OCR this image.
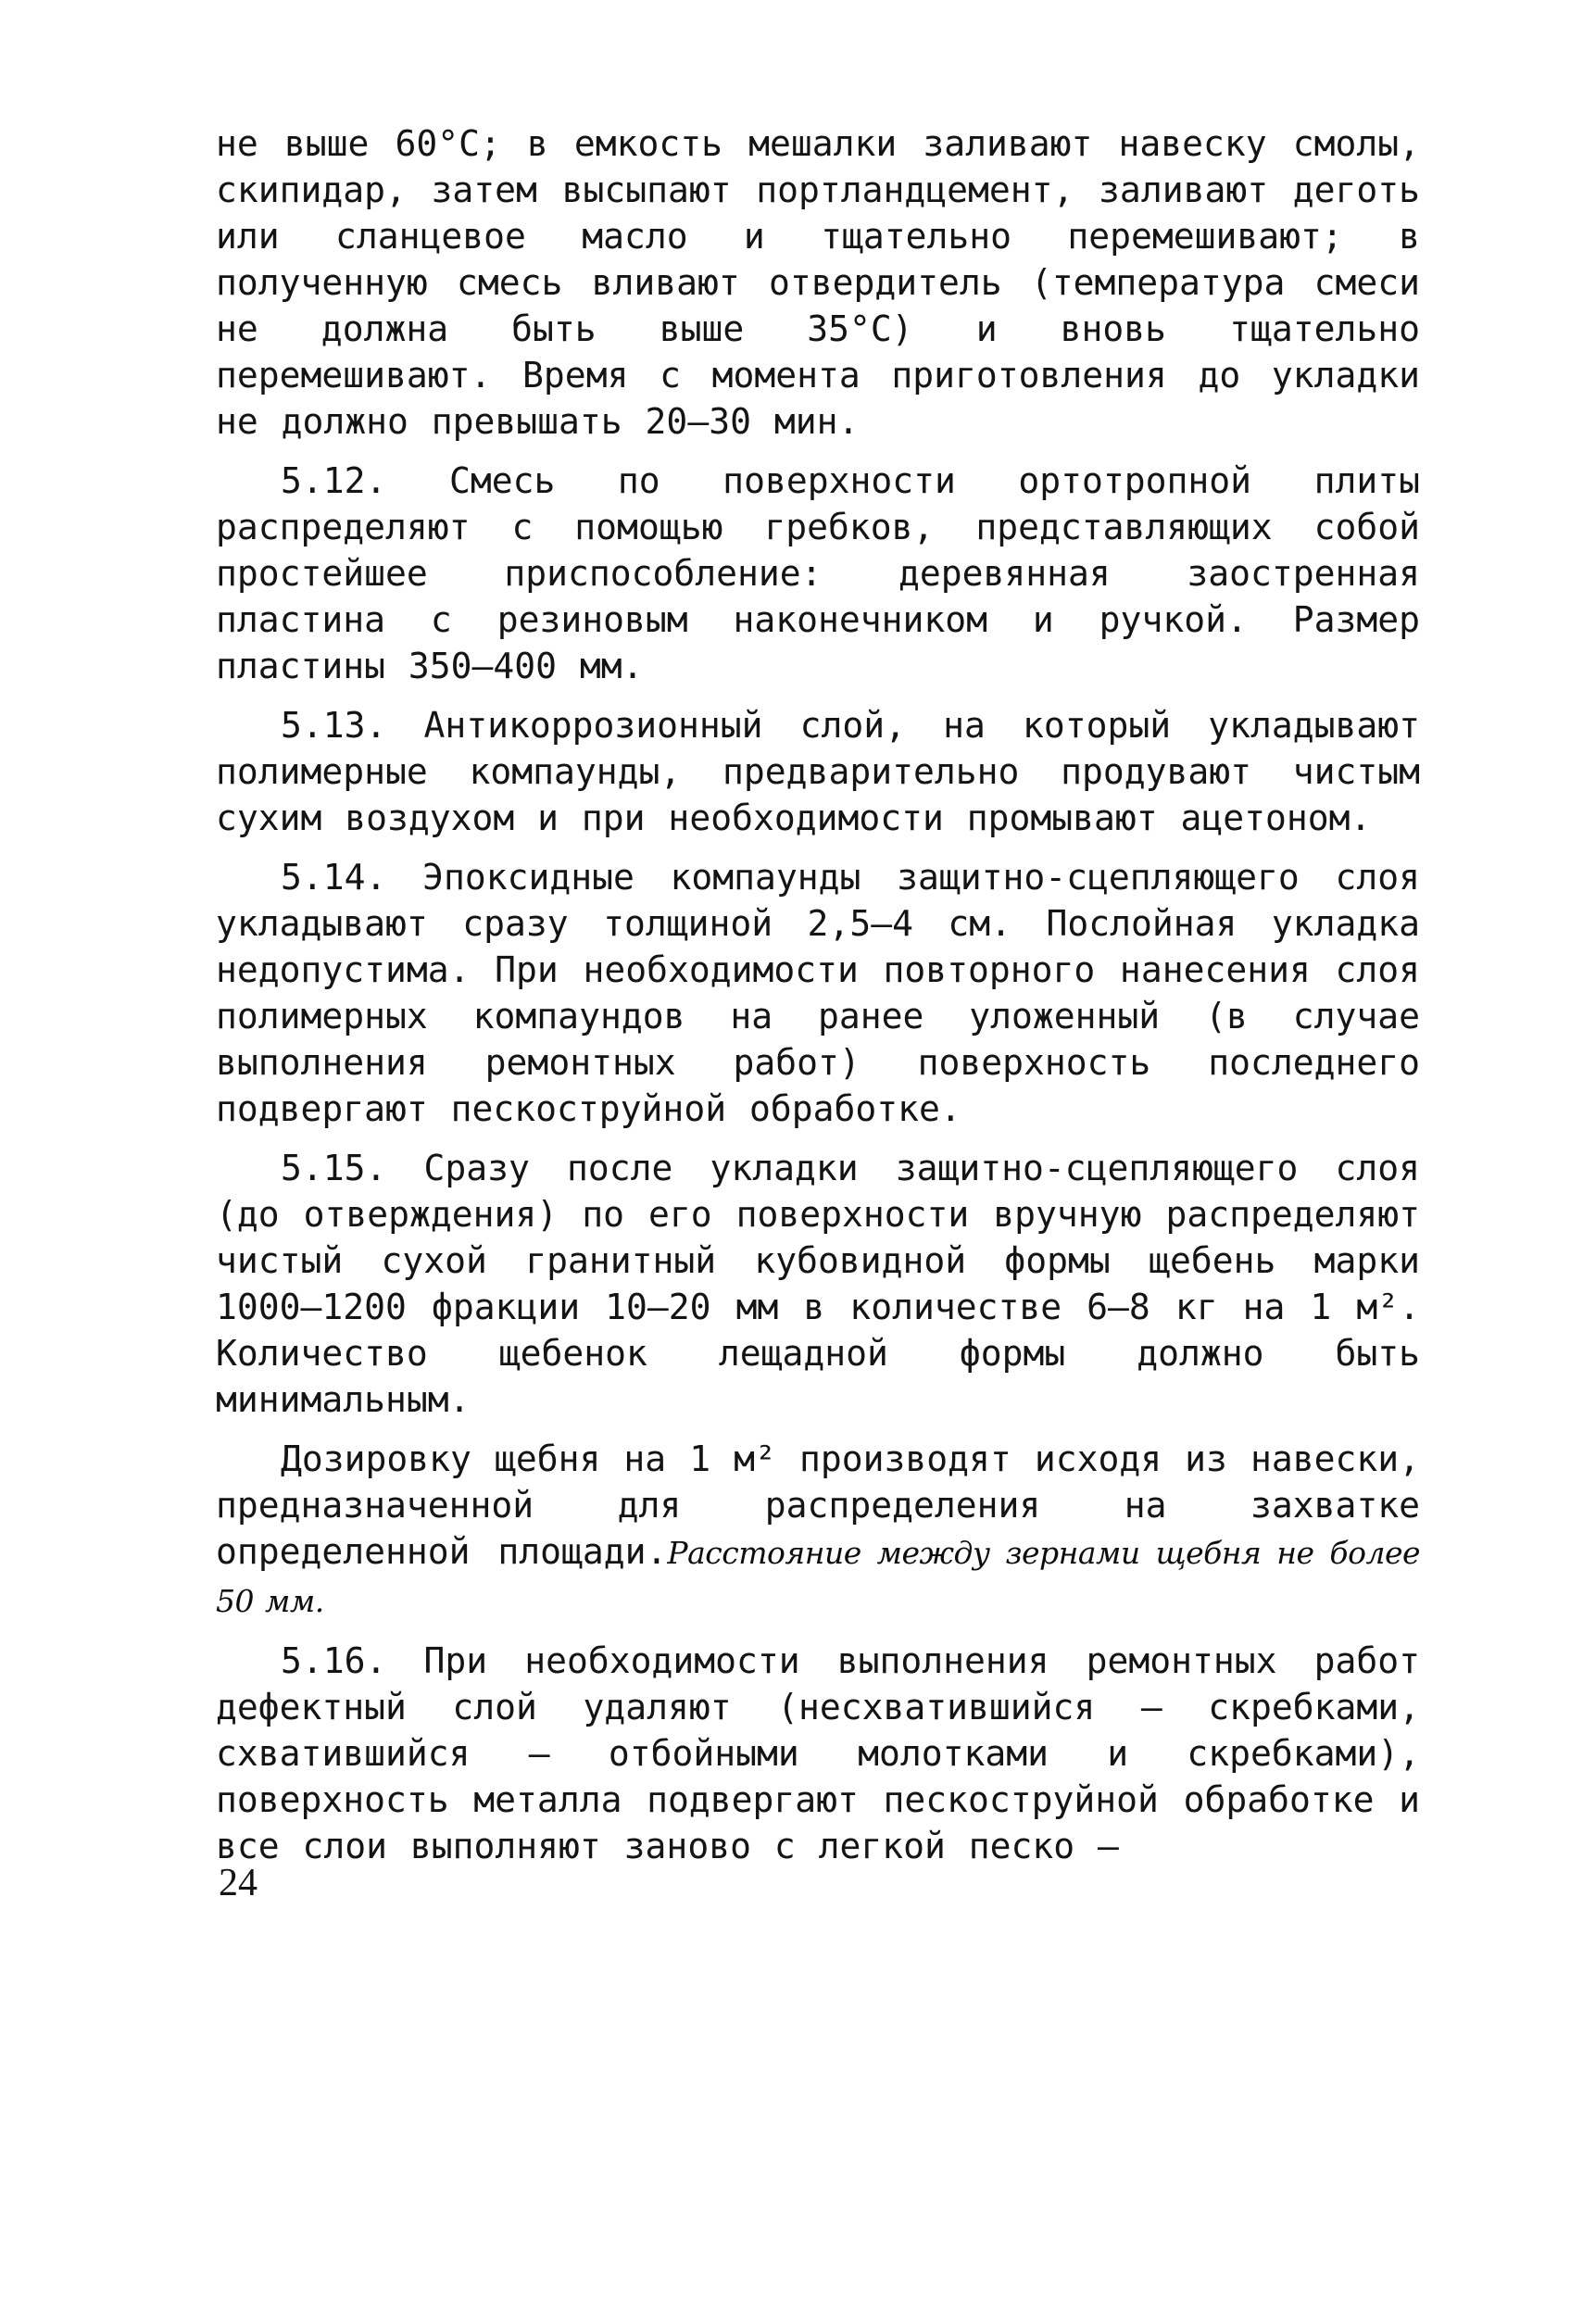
не выше 60°С; в емкость мешалки заливают навеску смолы, скипидар, затем высыпают портландцемент, заливают деготь или сланцевое масло и тщательно перемешивают; в полученную смесь вливают отвердитель (температура смеси не должна быть выше 35°С) и вновь тщательно перемешивают. Время с момента приготовления до укладки не должно превышать 20–30 мин.

5.12. Смесь по поверхности ортотропной плиты распределяют с помощью гребков, представляющих собой простейшее приспособление: деревянная заостренная пластина с резиновым наконечником и ручкой. Размер пластины 350–400 мм.

5.13. Антикоррозионный слой, на который укладывают полимерные компаунды, предварительно продувают чистым сухим воздухом и при необходимости промывают ацетоном.

5.14. Эпоксидные компаунды защитно-сцепляющего слоя укладывают сразу толщиной 2,5–4 см. Послойная укладка недопустима. При необходимости повторного нанесения слоя полимерных компаундов на ранее уложенный (в случае выполнения ремонтных работ) поверхность последнего подвергают пескоструйной обработке.

5.15. Сразу после укладки защитно-сцепляющего слоя (до отверждения) по его поверхности вручную распределяют чистый сухой гранитный кубовидной формы щебень марки 1000–1200 фракции 10–20 мм в количестве 6–8 кг на 1 м². Количество щебенок лещадной формы должно быть минимальным.

Дозировку щебня на 1 м² производят исходя из навески, предназначенной для распределения на захватке определенной площади.Расстояние между зернами щебня не более 50 мм.

5.16. При необходимости выполнения ремонтных работ дефектный слой удаляют (несхватившийся – скребками, схватившийся – отбойными молотками и скребками), поверхность металла подвергают пескоструйной обработке и все слои выполняют заново с легкой песко –

24
